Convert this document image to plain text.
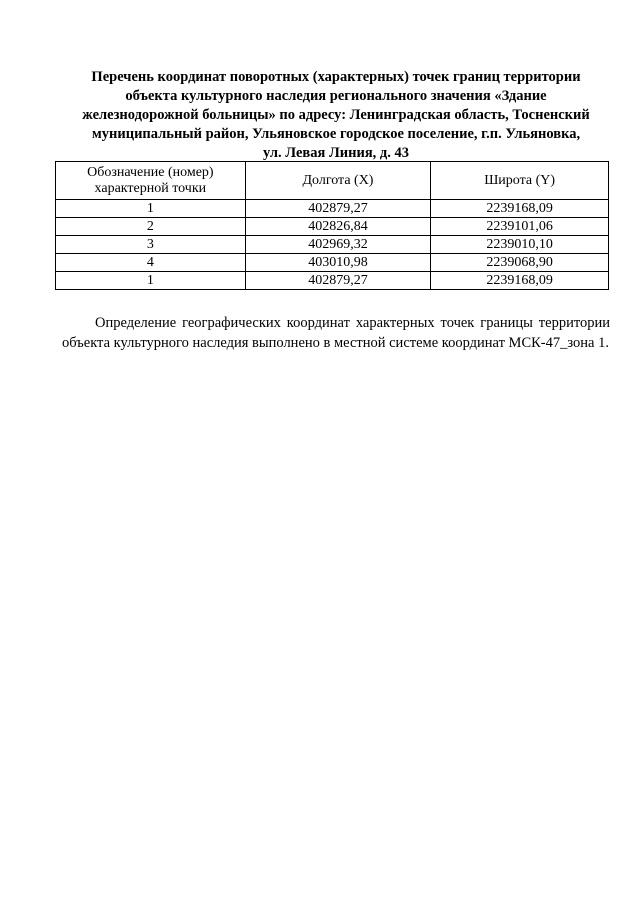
Перечень координат поворотных (характерных) точек границ территории
объекта культурного наследия регионального значения «Здание
железнодорожной больницы» по адресу: Ленинградская область, Тосненский
муниципальный район, Ульяновское городское поселение, г.п. Ульяновка,
ул. Левая Линия, д. 43
Обозначение (номер) характерной точки	Долгота (X)	Широта (Y)
1	402879,27	2239168,09
2	402826,84	2239101,06
3	402969,32	2239010,10
4	403010,98	2239068,90
1	402879,27	2239168,09

Определение географических координат характерных точек границы территории объекта культурного наследия выполнено в местной системе координат МСК-47_зона 1.
